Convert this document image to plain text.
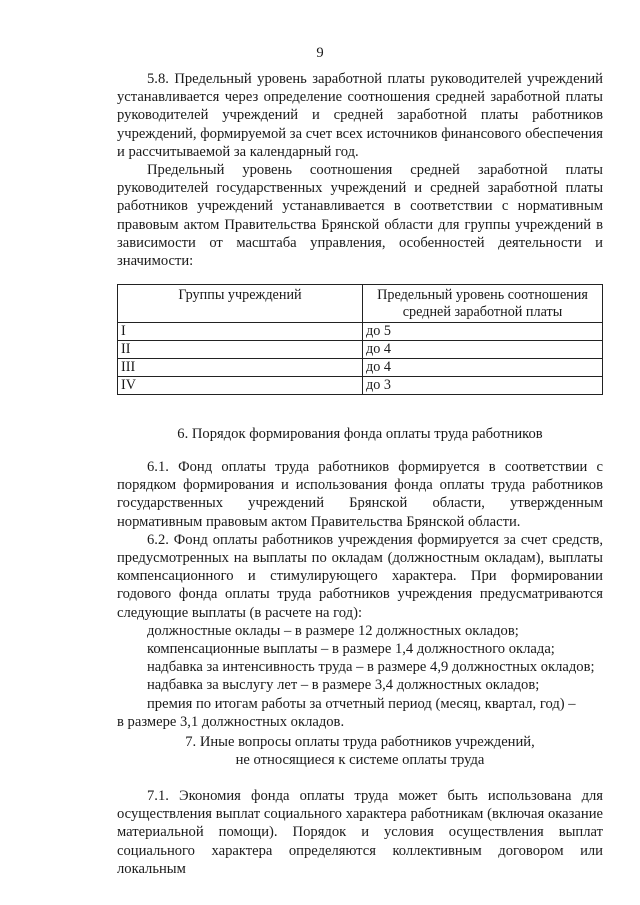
9

5.8. Предельный уровень заработной платы руководителей учреждений устанавливается через определение соотношения средней заработной платы руководителей учреждений и средней заработной платы работников учреждений, формируемой за счет всех источников финансового обеспечения и рассчитываемой за календарный год.

Предельный уровень соотношения средней заработной платы руководителей государственных учреждений и средней заработной платы работников учреждений устанавливается в соответствии с нормативным правовым актом Правительства Брянской области для группы учреждений в зависимости от масштаба управления, особенностей деятельности и значимости:

Группы учреждений	Предельный уровень соотношения средней заработной платы
I	до 5
II	до 4
III	до 4
IV	до 3
6. Порядок формирования фонда оплаты труда работников

6.1. Фонд оплаты труда работников формируется в соответствии с порядком формирования и использования фонда оплаты труда работников государственных учреждений Брянской области, утвержденным нормативным правовым актом Правительства Брянской области.

6.2. Фонд оплаты работников учреждения формируется за счет средств, предусмотренных на выплаты по окладам (должностным окладам), выплаты компенсационного и стимулирующего характера. При формировании годового фонда оплаты труда работников учреждения предусматриваются следующие выплаты (в расчете на год):

должностные оклады – в размере 12 должностных окладов;

компенсационные выплаты – в размере 1,4 должностного оклада;

надбавка за интенсивность труда – в размере 4,9 должностных окладов;

надбавка за выслугу лет – в размере 3,4 должностных окладов;

премия по итогам работы за отчетный период (месяц, квартал, год) –

в размере 3,1 должностных окладов.

7. Иные вопросы оплаты труда работников учреждений,
не относящиеся к системе оплаты труда

7.1. Экономия фонда оплаты труда может быть использована для осуществления выплат социального характера работникам (включая оказание материальной помощи). Порядок и условия осуществления выплат социального характера определяются коллективным договором или локальным
